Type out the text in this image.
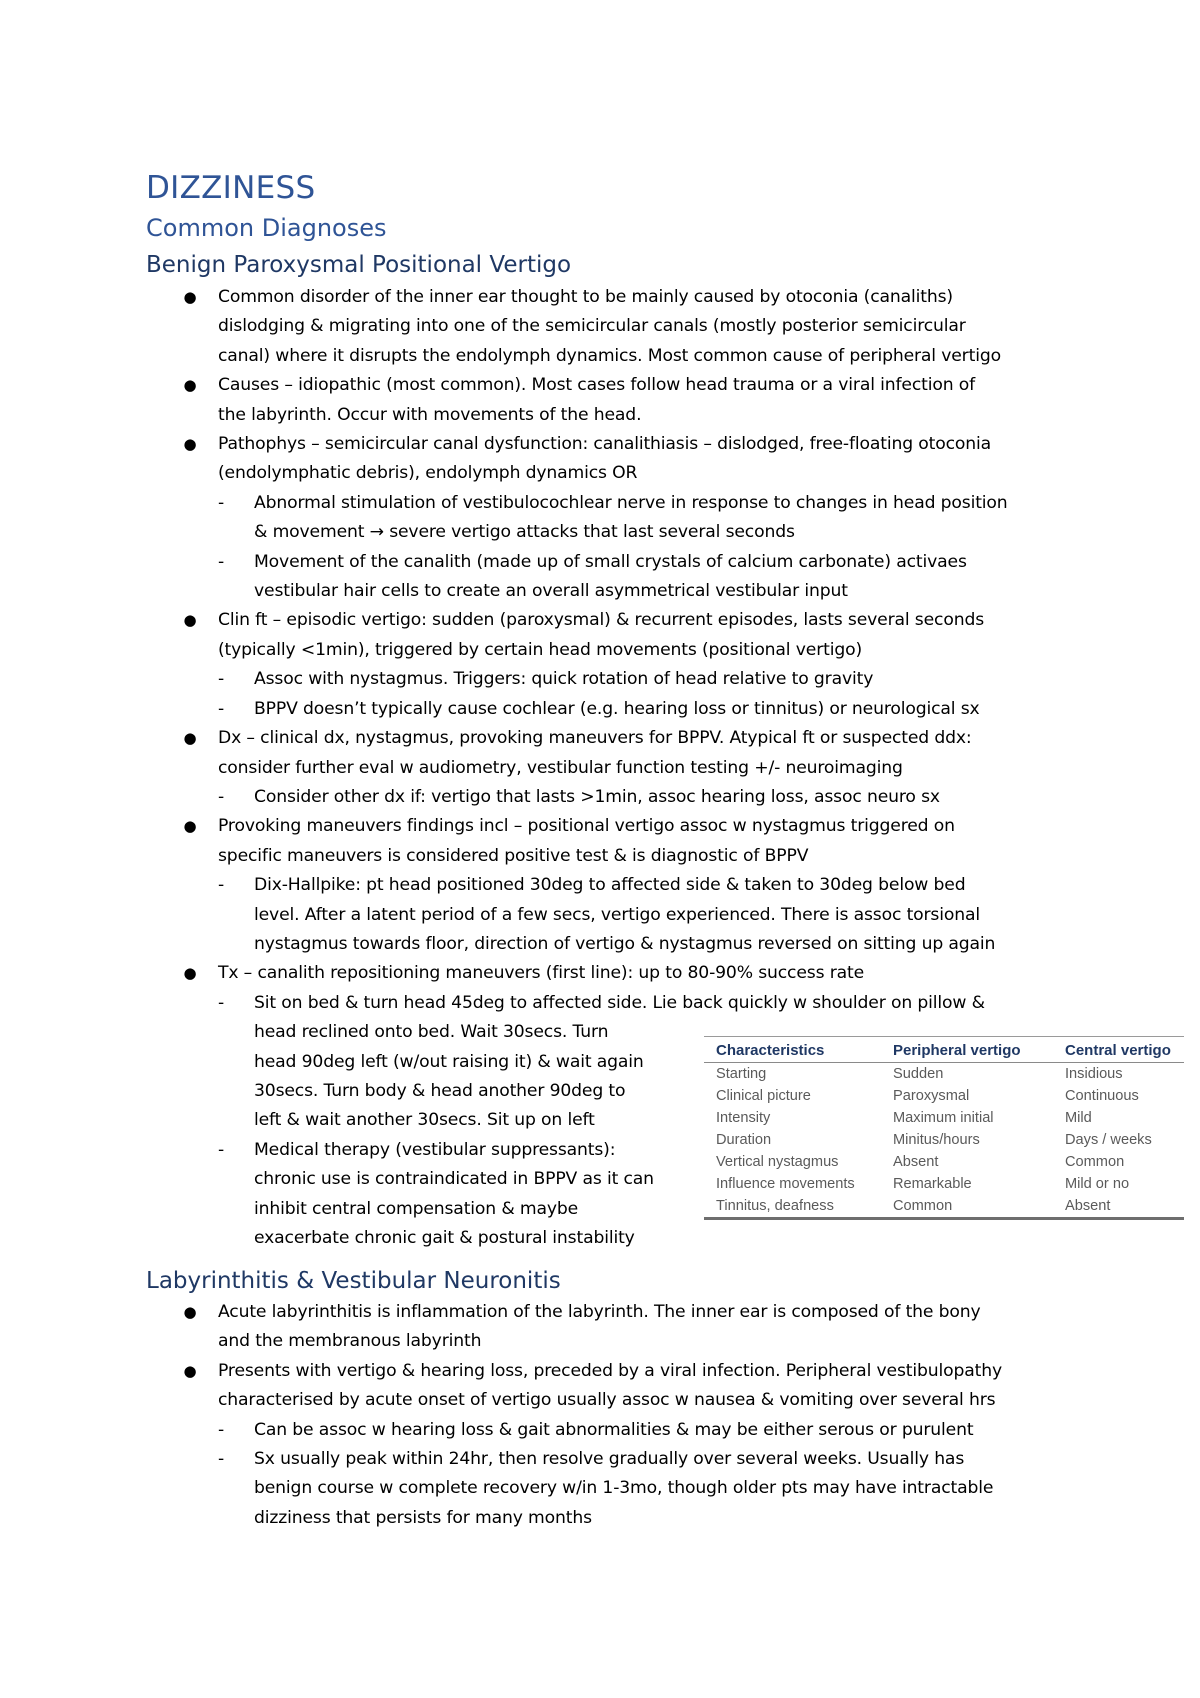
DIZZINESS
Common Diagnoses
Benign Paroxysmal Positional Vertigo
● Common disorder of the inner ear thought to be mainly caused by otoconia (canaliths)
dislodging & migrating into one of the semicircular canals (mostly posterior semicircular
canal) where it disrupts the endolymph dynamics. Most common cause of peripheral vertigo
● Causes – idiopathic (most common). Most cases follow head trauma or a viral infection of
the labyrinth. Occur with movements of the head.
● Pathophys – semicircular canal dysfunction: canalithiasis – dislodged, free-floating otoconia
(endolymphatic debris), endolymph dynamics OR
- Abnormal stimulation of vestibulocochlear nerve in response to changes in head position
& movement → severe vertigo attacks that last several seconds
- Movement of the canalith (made up of small crystals of calcium carbonate) activaes
vestibular hair cells to create an overall asymmetrical vestibular input
● Clin ft – episodic vertigo: sudden (paroxysmal) & recurrent episodes, lasts several seconds
(typically <1min), triggered by certain head movements (positional vertigo)
- Assoc with nystagmus. Triggers: quick rotation of head relative to gravity
- BPPV doesn’t typically cause cochlear (e.g. hearing loss or tinnitus) or neurological sx
● Dx – clinical dx, nystagmus, provoking maneuvers for BPPV. Atypical ft or suspected ddx:
consider further eval w audiometry, vestibular function testing +/- neuroimaging
- Consider other dx if: vertigo that lasts >1min, assoc hearing loss, assoc neuro sx
● Provoking maneuvers findings incl – positional vertigo assoc w nystagmus triggered on
specific maneuvers is considered positive test & is diagnostic of BPPV
- Dix-Hallpike: pt head positioned 30deg to affected side & taken to 30deg below bed
level. After a latent period of a few secs, vertigo experienced. There is assoc torsional
nystagmus towards floor, direction of vertigo & nystagmus reversed on sitting up again
● Tx – canalith repositioning maneuvers (first line): up to 80-90% success rate
- Sit on bed & turn head 45deg to affected side. Lie back quickly w shoulder on pillow &
head reclined onto bed. Wait 30secs. Turn
head 90deg left (w/out raising it) & wait again
30secs. Turn body & head another 90deg to
left & wait another 30secs. Sit up on left
- Medical therapy (vestibular suppressants):
chronic use is contraindicated in BPPV as it can
inhibit central compensation & maybe
exacerbate chronic gait & postural instability
Characteristics	Peripheral vertigo	Central vertigo
Starting	Sudden	Insidious
Clinical picture	Paroxysmal	Continuous
Intensity	Maximum initial	Mild
Duration	Minitus/hours	Days / weeks
Vertical nystagmus	Absent	Common
Influence movements	Remarkable	Mild or no
Tinnitus, deafness	Common	Absent
Labyrinthitis & Vestibular Neuronitis
● Acute labyrinthitis is inflammation of the labyrinth. The inner ear is composed of the bony
and the membranous labyrinth
● Presents with vertigo & hearing loss, preceded by a viral infection. Peripheral vestibulopathy
characterised by acute onset of vertigo usually assoc w nausea & vomiting over several hrs
- Can be assoc w hearing loss & gait abnormalities & may be either serous or purulent
- Sx usually peak within 24hr, then resolve gradually over several weeks. Usually has
benign course w complete recovery w/in 1-3mo, though older pts may have intractable
dizziness that persists for many months
